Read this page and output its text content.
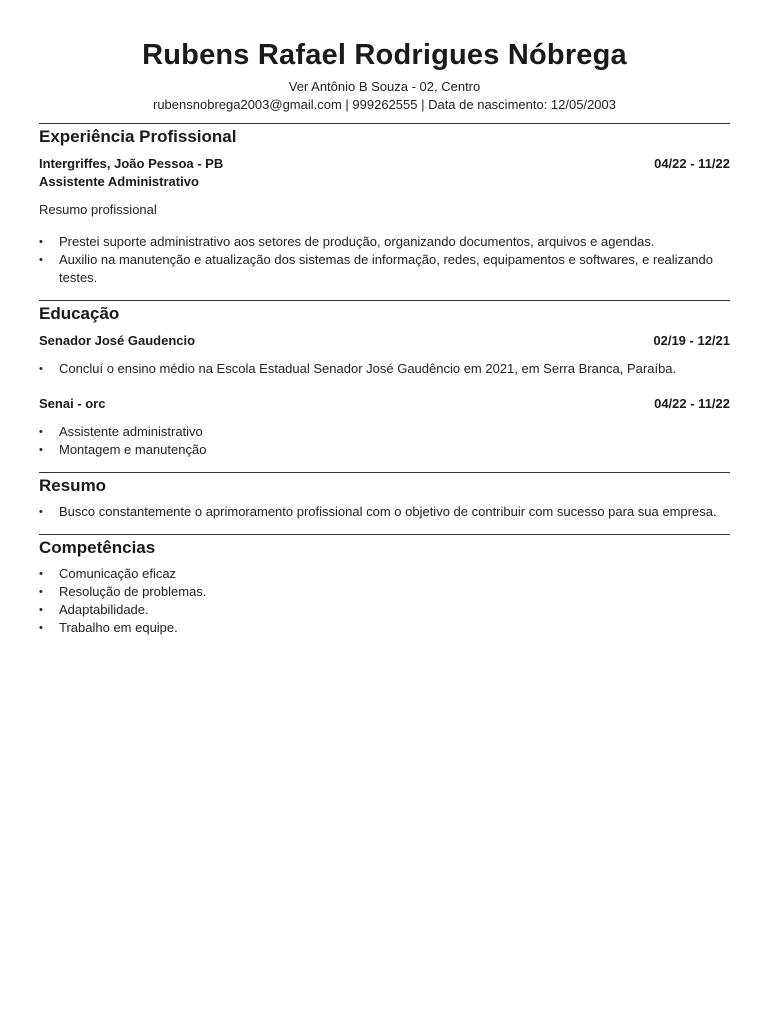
Rubens Rafael Rodrigues Nóbrega
Ver Antônio B Souza - 02, Centro
rubensnobrega2003@gmail.com | 999262555 | Data de nascimento: 12/05/2003
Experiência Profissional
Intergriffes, João Pessoa - PB	04/22 - 11/22
Assistente Administrativo
Resumo profissional
• Prestei suporte administrativo aos setores de produção, organizando documentos, arquivos e agendas.
• Auxilio na manutenção e atualização dos sistemas de informação, redes, equipamentos e softwares, e realizando testes.
Educação
Senador José Gaudencio	02/19 - 12/21
• Concluí o ensino médio na Escola Estadual Senador José Gaudêncio em 2021, em Serra Branca, Paraíba.
Senai - orc	04/22 - 11/22
• Assistente administrativo
• Montagem e manutenção
Resumo
• Busco constantemente o aprimoramento profissional com o objetivo de contribuir com sucesso para sua empresa.
Competências
• Comunicação eficaz
• Resolução de problemas.
• Adaptabilidade.
• Trabalho em equipe.
